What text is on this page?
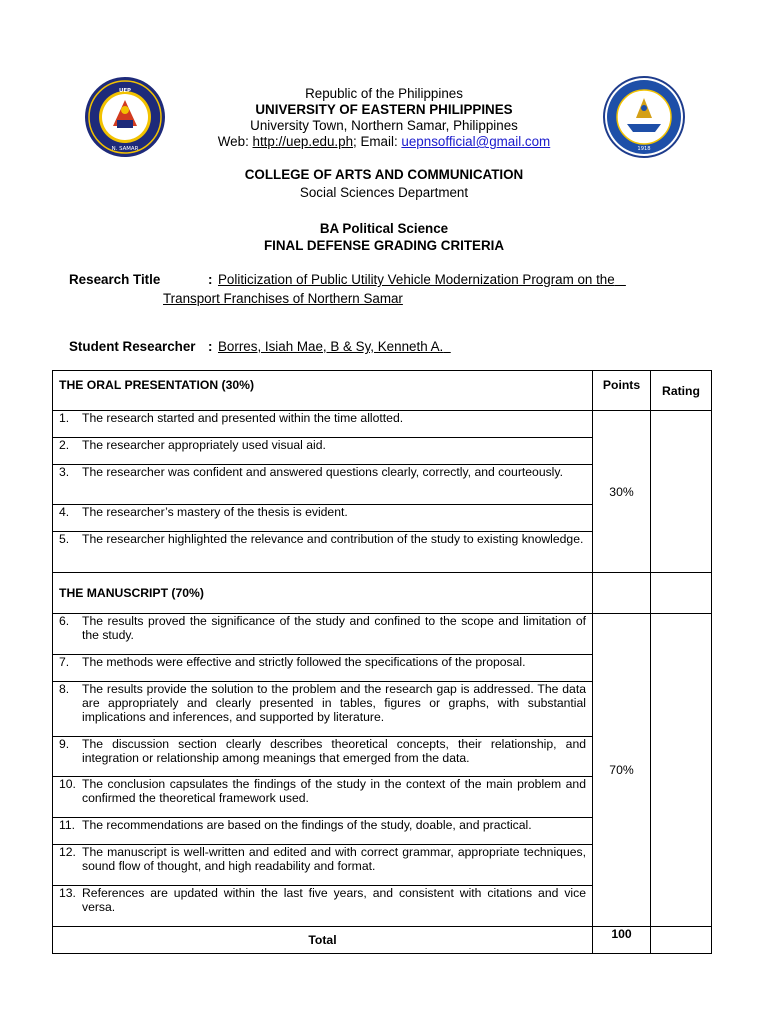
UEP
N. SAMAR	1918
Republic of the Philippines
UNIVERSITY OF EASTERN PHILIPPINES
University Town, Northern Samar, Philippines
Web: http://uep.edu.ph; Email: uepnsofficial@gmail.com
COLLEGE OF ARTS AND COMMUNICATION
Social Sciences Department
BA Political Science
FINAL DEFENSE GRADING CRITERIA
Research Title	: Politicization of Public Utility Vehicle Modernization Program on the
Transport Franchises of Northern Samar
Student Researcher : Borres, Isiah Mae, B & Sy, Kenneth A.
THE ORAL PRESENTATION (30%)	Points	Rating

1. The research started and presented within the time allotted.	30%	

2. The researcher appropriately used visual aid.		

3. The researcher was confident and answered questions clearly, correctly, and courteously.		

4. The researcher’s mastery of the thesis is evident.		

5. The researcher highlighted the relevance and contribution of the study to existing knowledge.		

THE MANUSCRIPT (70%)		

6. The results proved the significance of the study and confined to the scope and limitation of the study.	70%	

7. The methods were effective and strictly followed the specifications of the proposal.		

8. The results provide the solution to the problem and the research gap is addressed. The data are appropriately and clearly presented in tables, figures or graphs, with substantial implications and inferences, and supported by literature.		

9. The discussion section clearly describes theoretical concepts, their relationship, and integration or relationship among meanings that emerged from the data.		

10. The conclusion capsulates the findings of the study in the context of the main problem and confirmed the theoretical framework used.		

11. The recommendations are based on the findings of the study, doable, and practical.		

12. The manuscript is well-written and edited and with correct grammar, appropriate techniques, sound flow of thought, and high readability and format.		

13. References are updated within the last five years, and consistent with citations and vice versa.		

Total	100	
